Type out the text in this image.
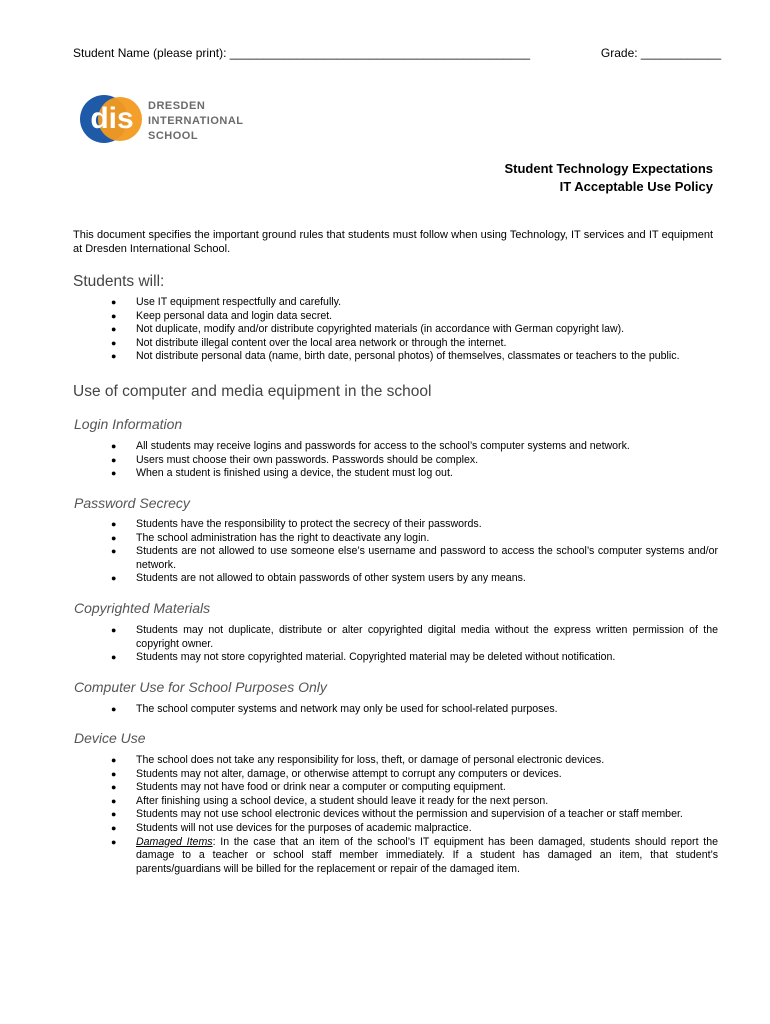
Student Name (please print): _____________________________________________	Grade: ____________
dis DRESDEN
INTERNATIONAL
SCHOOL
Student Technology Expectations
IT Acceptable Use Policy
This document specifies the important ground rules that students must follow when using Technology, IT services and IT equipment at Dresden International School.
Students will:
● Use IT equipment respectfully and carefully.
● Keep personal data and login data secret.
● Not duplicate, modify and/or distribute copyrighted materials (in accordance with German copyright law).
● Not distribute illegal content over the local area network or through the internet.
● Not distribute personal data (name, birth date, personal photos) of themselves, classmates or teachers to the public.
Use of computer and media equipment in the school
Login Information
● All students may receive logins and passwords for access to the school’s computer systems and network.
● Users must choose their own passwords. Passwords should be complex.
● When a student is finished using a device, the student must log out.
Password Secrecy
● Students have the responsibility to protect the secrecy of their passwords.
● The school administration has the right to deactivate any login.
● Students are not allowed to use someone else’s username and password to access the school’s computer systems and/or network.
● Students are not allowed to obtain passwords of other system users by any means.
Copyrighted Materials
● Students may not duplicate, distribute or alter copyrighted digital media without the express written permission of the copyright owner.
● Students may not store copyrighted material. Copyrighted material may be deleted without notification.
Computer Use for School Purposes Only
● The school computer systems and network may only be used for school-related purposes.
Device Use
● The school does not take any responsibility for loss, theft, or damage of personal electronic devices.
● Students may not alter, damage, or otherwise attempt to corrupt any computers or devices.
● Students may not have food or drink near a computer or computing equipment.
● After finishing using a school device, a student should leave it ready for the next person.
● Students may not use school electronic devices without the permission and supervision of a teacher or staff member.
● Students will not use devices for the purposes of academic malpractice.
● Damaged Items: In the case that an item of the school’s IT equipment has been damaged, students should report the damage to a teacher or school staff member immediately. If a student has damaged an item, that student’s parents/guardians will be billed for the replacement or repair of the damaged item.
